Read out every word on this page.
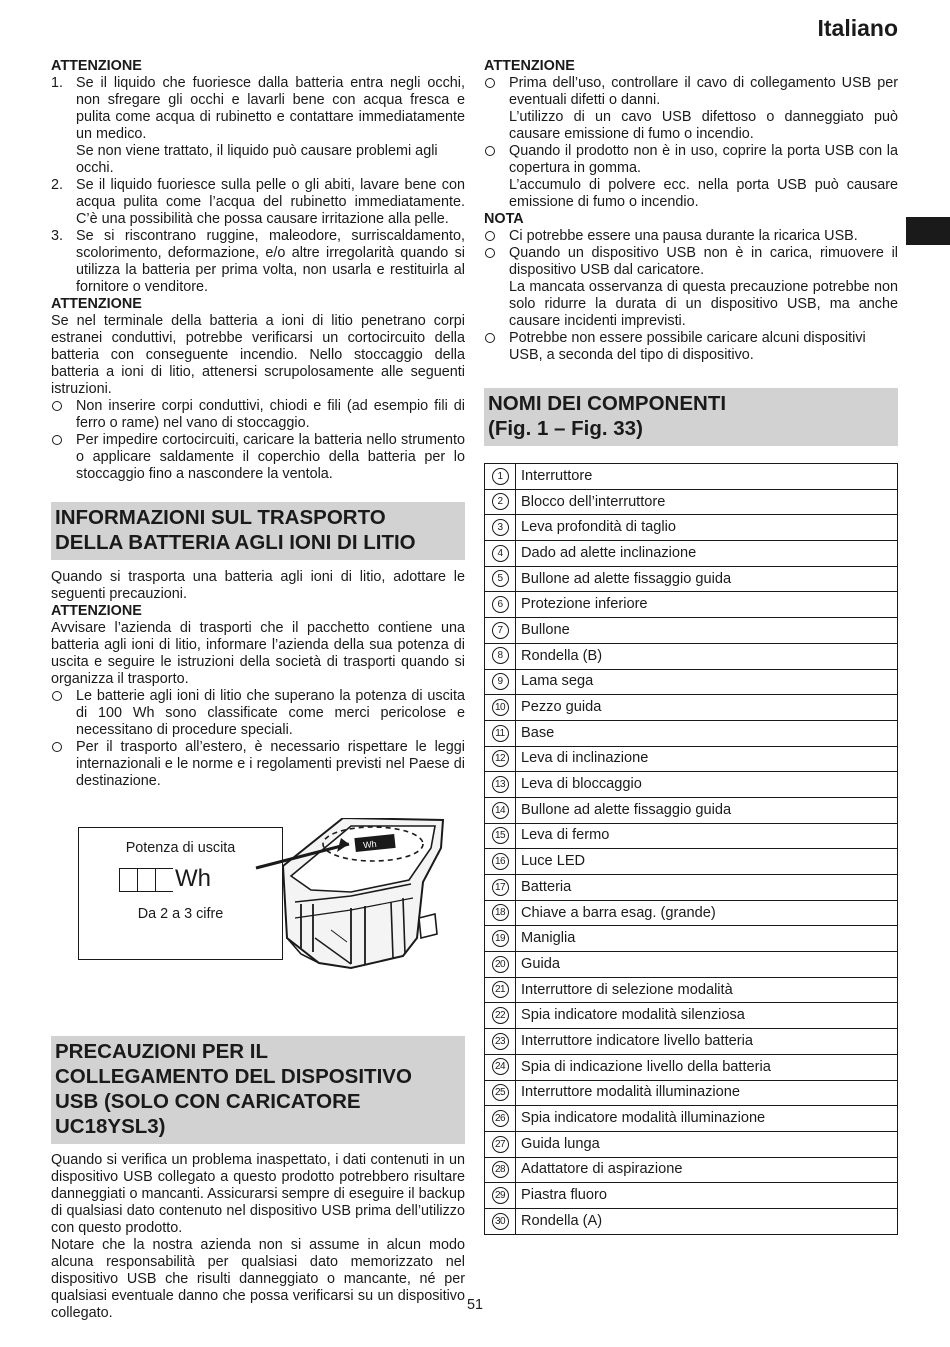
Italiano

ATTENZIONE

1. Se il liquido che fuoriesce dalla batteria entra negli occhi, non sfregare gli occhi e lavarli bene con acqua fresca e pulita come acqua di rubinetto e contattare immediatamente un medico.

Se non viene trattato, il liquido può causare problemi agli occhi.

2. Se il liquido fuoriesce sulla pelle o gli abiti, lavare bene con acqua pulita come l’acqua del rubinetto immediatamente. C’è una possibilità che possa causare irritazione alla pelle.

3. Se si riscontrano ruggine, maleodore, surriscaldamento, scolorimento, deformazione, e/o altre irregolarità quando si utilizza la batteria per prima volta, non usarla e restituirla al fornitore o venditore.

ATTENZIONE

Se nel terminale della batteria a ioni di litio penetrano corpi estranei conduttivi, potrebbe verificarsi un cortocircuito della batteria con conseguente incendio. Nello stoccaggio della batteria a ioni di litio, attenersi scrupolosamente alle seguenti istruzioni.

Non inserire corpi conduttivi, chiodi e fili (ad esempio fili di ferro o rame) nel vano di stoccaggio.

Per impedire cortocircuiti, caricare la batteria nello strumento o applicare saldamente il coperchio della batteria per lo stoccaggio fino a nascondere la ventola.

INFORMAZIONI SUL TRASPORTO
DELLA BATTERIA AGLI IONI DI LITIO

Quando si trasporta una batteria agli ioni di litio, adottare le seguenti precauzioni.

ATTENZIONE

Avvisare l’azienda di trasporti che il pacchetto contiene una batteria agli ioni di litio, informare l’azienda della sua potenza di uscita e seguire le istruzioni della società di trasporti quando si organizza il trasporto.

Le batterie agli ioni di litio che superano la potenza di uscita di 100 Wh sono classificate come merci pericolose e necessitano di procedure speciali.

Per il trasporto all’estero, è necessario rispettare le leggi internazionali e le norme e i regolamenti previsti nel Paese di destinazione.

Wh
Potenza di uscita
Wh
Da 2 a 3 cifre
PRECAUZIONI PER IL
COLLEGAMENTO DEL DISPOSITIVO
USB (SOLO CON CARICATORE
UC18YSL3)

Quando si verifica un problema inaspettato, i dati contenuti in un dispositivo USB collegato a questo prodotto potrebbero risultare danneggiati o mancanti. Assicurarsi sempre di eseguire il backup di qualsiasi dato contenuto nel dispositivo USB prima dell’utilizzo con questo prodotto.

Notare che la nostra azienda non si assume in alcun modo alcuna responsabilità per qualsiasi dato memorizzato nel dispositivo USB che risulti danneggiato o mancante, né per qualsiasi eventuale danno che possa verificarsi su un dispositivo collegato.

ATTENZIONE

Prima dell’uso, controllare il cavo di collegamento USB per eventuali difetti o danni.

L’utilizzo di un cavo USB difettoso o danneggiato può causare emissione di fumo o incendio.

Quando il prodotto non è in uso, coprire la porta USB con la copertura in gomma.

L’accumulo di polvere ecc. nella porta USB può causare emissione di fumo o incendio.

NOTA

Ci potrebbe essere una pausa durante la ricarica USB.

Quando un dispositivo USB non è in carica, rimuovere il dispositivo USB dal caricatore.

La mancata osservanza di questa precauzione potrebbe non solo ridurre la durata di un dispositivo USB, ma anche causare incidenti imprevisti.

Potrebbe non essere possibile caricare alcuni dispositivi USB, a seconda del tipo di dispositivo.

NOMI DEI COMPONENTI
(Fig. 1 – Fig. 33)
1	Interruttore
2	Blocco dell’interruttore
3	Leva profondità di taglio
4	Dado ad alette inclinazione
5	Bullone ad alette fissaggio guida
6	Protezione inferiore
7	Bullone
8	Rondella (B)
9	Lama sega
10	Pezzo guida
11	Base
12	Leva di inclinazione
13	Leva di bloccaggio
14	Bullone ad alette fissaggio guida
15	Leva di fermo
16	Luce LED
17	Batteria
18	Chiave a barra esag. (grande)
19	Maniglia
20	Guida
21	Interruttore di selezione modalità
22	Spia indicatore modalità silenziosa
23	Interruttore indicatore livello batteria
24	Spia di indicazione livello della batteria
25	Interruttore modalità illuminazione
26	Spia indicatore modalità illuminazione
27	Guida lunga
28	Adattatore di aspirazione
29	Piastra fluoro
30	Rondella (A)
51
